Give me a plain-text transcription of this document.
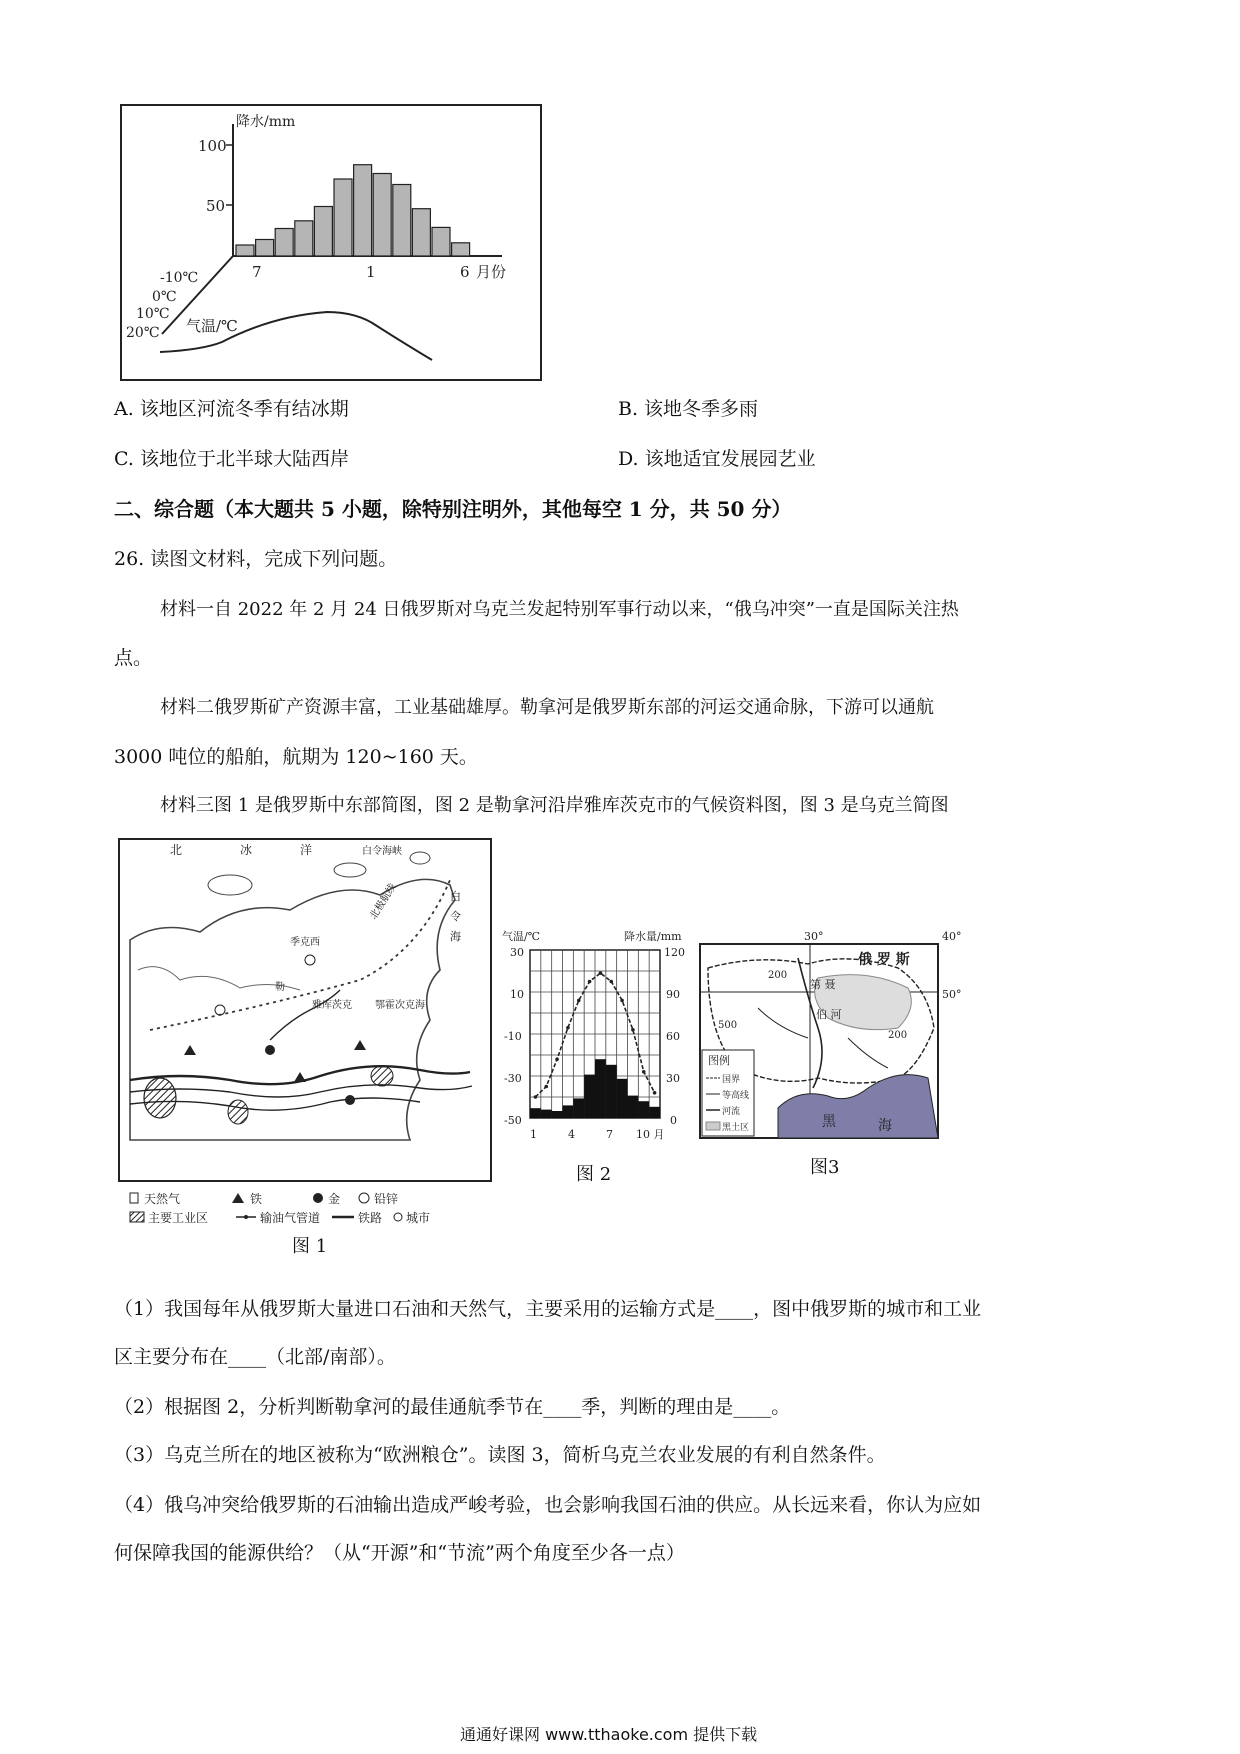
降水/mm
100
50
7	1	6 月份
-10℃
0℃
10℃
20℃ 气温/℃
A. 该地区河流冬季有结冰期	B. 该地冬季多雨
C. 该地位于北半球大陆西岸	D. 该地适宜发展园艺业
二、综合题（本大题共 5 小题，除特别注明外，其他每空 1 分，共 50 分）
26. 读图文材料，完成下列问题。
材料一自 2022 年 2 月 24 日俄罗斯对乌克兰发起特别军事行动以来，“俄乌冲突”一直是国际关注热
点。
材料二俄罗斯矿产资源丰富，工业基础雄厚。勒拿河是俄罗斯东部的河运交通命脉，下游可以通航
3000 吨位的船舶，航期为 120~160 天。
材料三图 1 是俄罗斯中东部简图，图 2 是勒拿河沿岸雅库茨克市的气候资料图，图 3 是乌克兰简图
北	冰	洋	白令海峡
白
令
海
北极航线
季克西
勒
雅库茨克 鄂霍次克海
天然气	铁	金	铅锌
主要工业区	输油气管道	铁路 城市
图 1
气温/℃	降水量/mm
30
10
-10
-30
-50
120
90
60
30
0
1	4	7 10 月
图 2
30°	40°
50°
200
200
500
俄 罗 斯
第 聂
伯 河
黑	海
图例
国界
等高线
河流
黑土区
图3
（1）我国每年从俄罗斯大量进口石油和天然气，主要采用的运输方式是____，图中俄罗斯的城市和工业
区主要分布在____（北部/南部）。
（2）根据图 2，分析判断勒拿河的最佳通航季节在____季，判断的理由是____。
（3）乌克兰所在的地区被称为“欧洲粮仓”。读图 3，简析乌克兰农业发展的有利自然条件。
（4）俄乌冲突给俄罗斯的石油输出造成严峻考验，也会影响我国石油的供应。从长远来看，你认为应如
何保障我国的能源供给？（从“开源”和“节流”两个角度至少各一点）
通通好课网 www.tthaoke.com 提供下载
